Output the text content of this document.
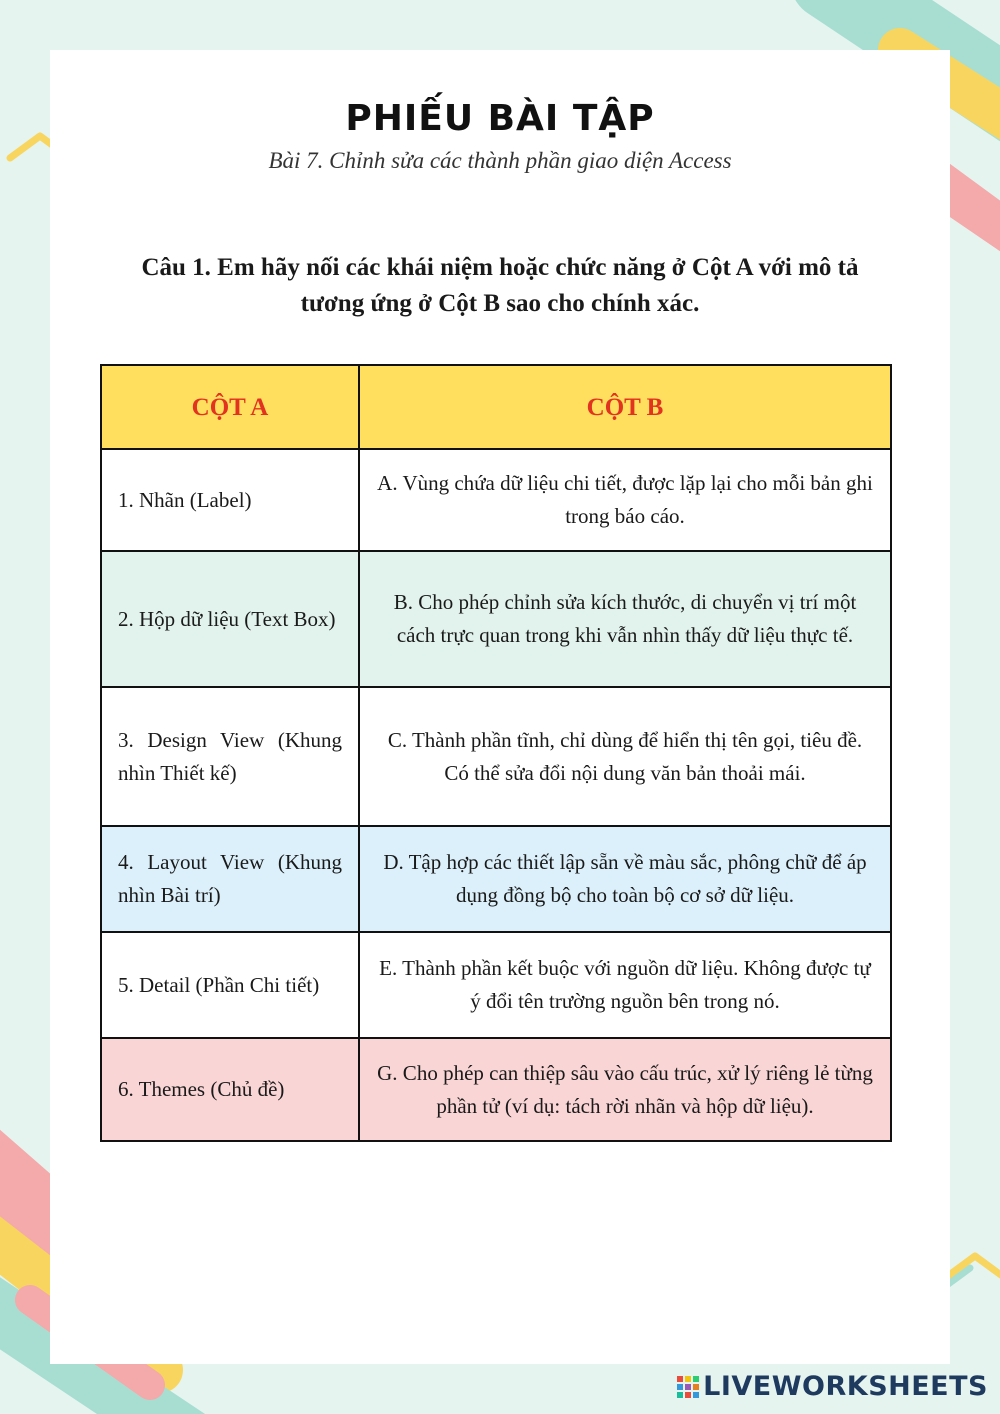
PHIẾU BÀI TẬP
Bài 7. Chỉnh sửa các thành phần giao diện Access
Câu 1. Em hãy nối các khái niệm hoặc chức năng ở Cột A với mô tả tương ứng ở Cột B sao cho chính xác.
CỘT A	CỘT B
1. Nhãn (Label)	A. Vùng chứa dữ liệu chi tiết, được lặp lại cho mỗi bản ghi trong báo cáo.
2. Hộp dữ liệu (Text Box)	B. Cho phép chỉnh sửa kích thước, di chuyển vị trí một cách trực quan trong khi vẫn nhìn thấy dữ liệu thực tế.
3. Design View (Khung nhìn Thiết kế)	C. Thành phần tĩnh, chỉ dùng để hiển thị tên gọi, tiêu đề. Có thể sửa đổi nội dung văn bản thoải mái.
4. Layout View (Khung nhìn Bài trí)	D. Tập hợp các thiết lập sẵn về màu sắc, phông chữ để áp dụng đồng bộ cho toàn bộ cơ sở dữ liệu.
5. Detail (Phần Chi tiết)	E. Thành phần kết buộc với nguồn dữ liệu. Không được tự ý đổi tên trường nguồn bên trong nó.
6. Themes (Chủ đề)	G. Cho phép can thiệp sâu vào cấu trúc, xử lý riêng lẻ từng phần tử (ví dụ: tách rời nhãn và hộp dữ liệu).
LIVEWORKSHEETS
